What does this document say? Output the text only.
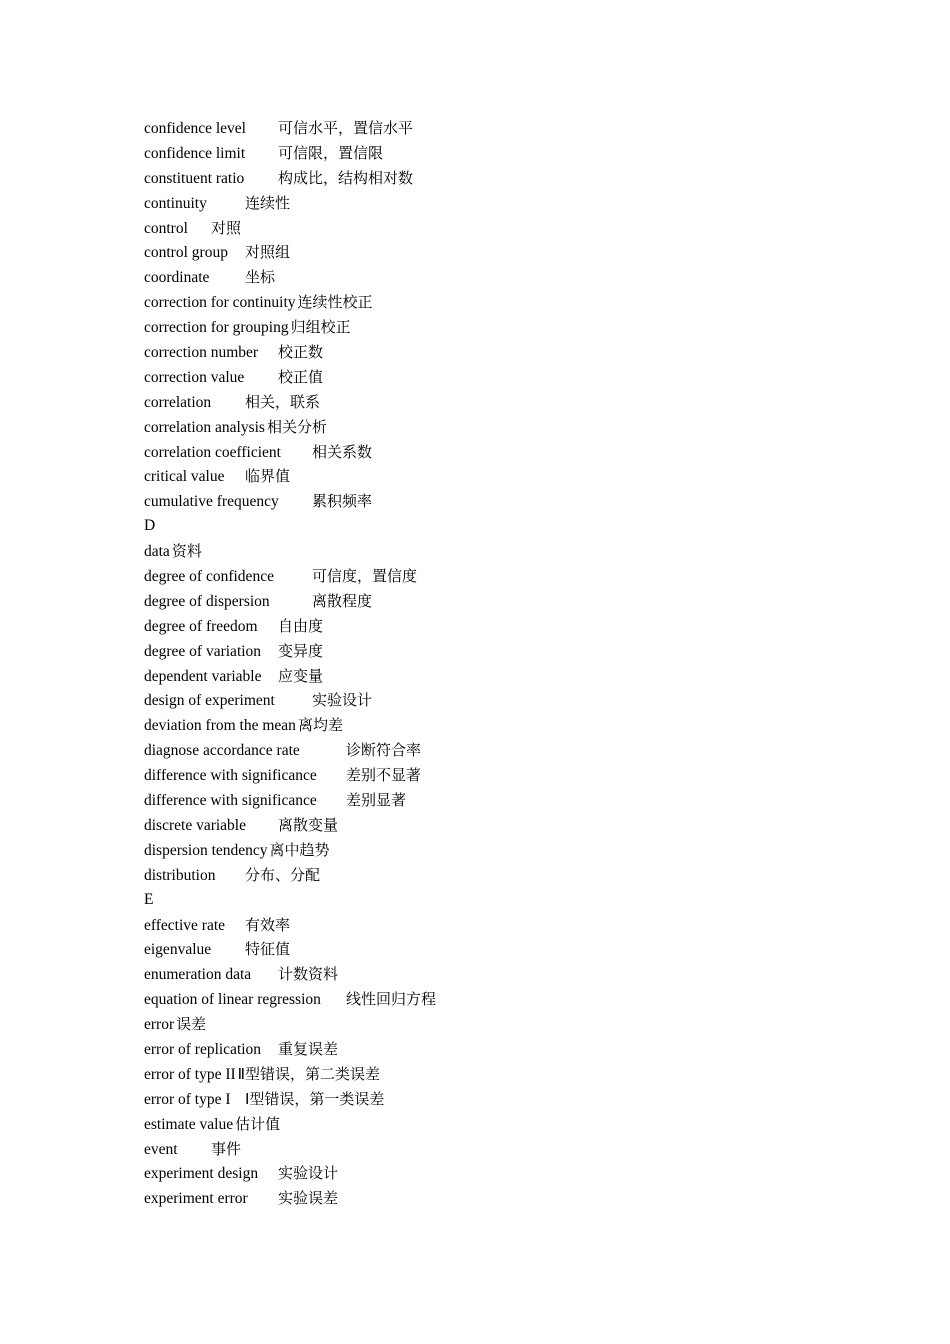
confidence level 可信水平，置信水平
confidence limit 可信限，置信限
constituent ratio 构成比，结构相对数
continuity	连续性
control 对照
control group 对照组
coordinate 坐标
correction for continuity 连续性校正
correction for grouping 归组校正
correction number 校正数
correction value 校正值
correlation 相关，联系
correlation analysis 相关分析
correlation coefficient 相关系数
critical value 临界值
cumulative frequency 累积频率
D
data 资料
degree of confidence	可信度，置信度
degree of dispersion	离散程度
degree of freedom 自由度
degree of variation 变异度
dependent variable 应变量
design of experiment 实验设计
deviation from the mean 离均差
diagnose accordance rate	诊断符合率
difference with significance 差别不显著
difference with significance 差别显著
discrete variable 离散变量
dispersion tendency 离中趋势
distribution 分布、分配
E
effective rate 有效率
eigenvalue 特征值
enumeration data 计数资料
equation of linear regression 线性回归方程
error 误差
error of replication 重复误差
error of type II Ⅱ型错误，第二类误差
error of type I Ⅰ型错误，第一类误差
estimate value 估计值
event 事件
experiment design 实验设计
experiment error 实验误差
